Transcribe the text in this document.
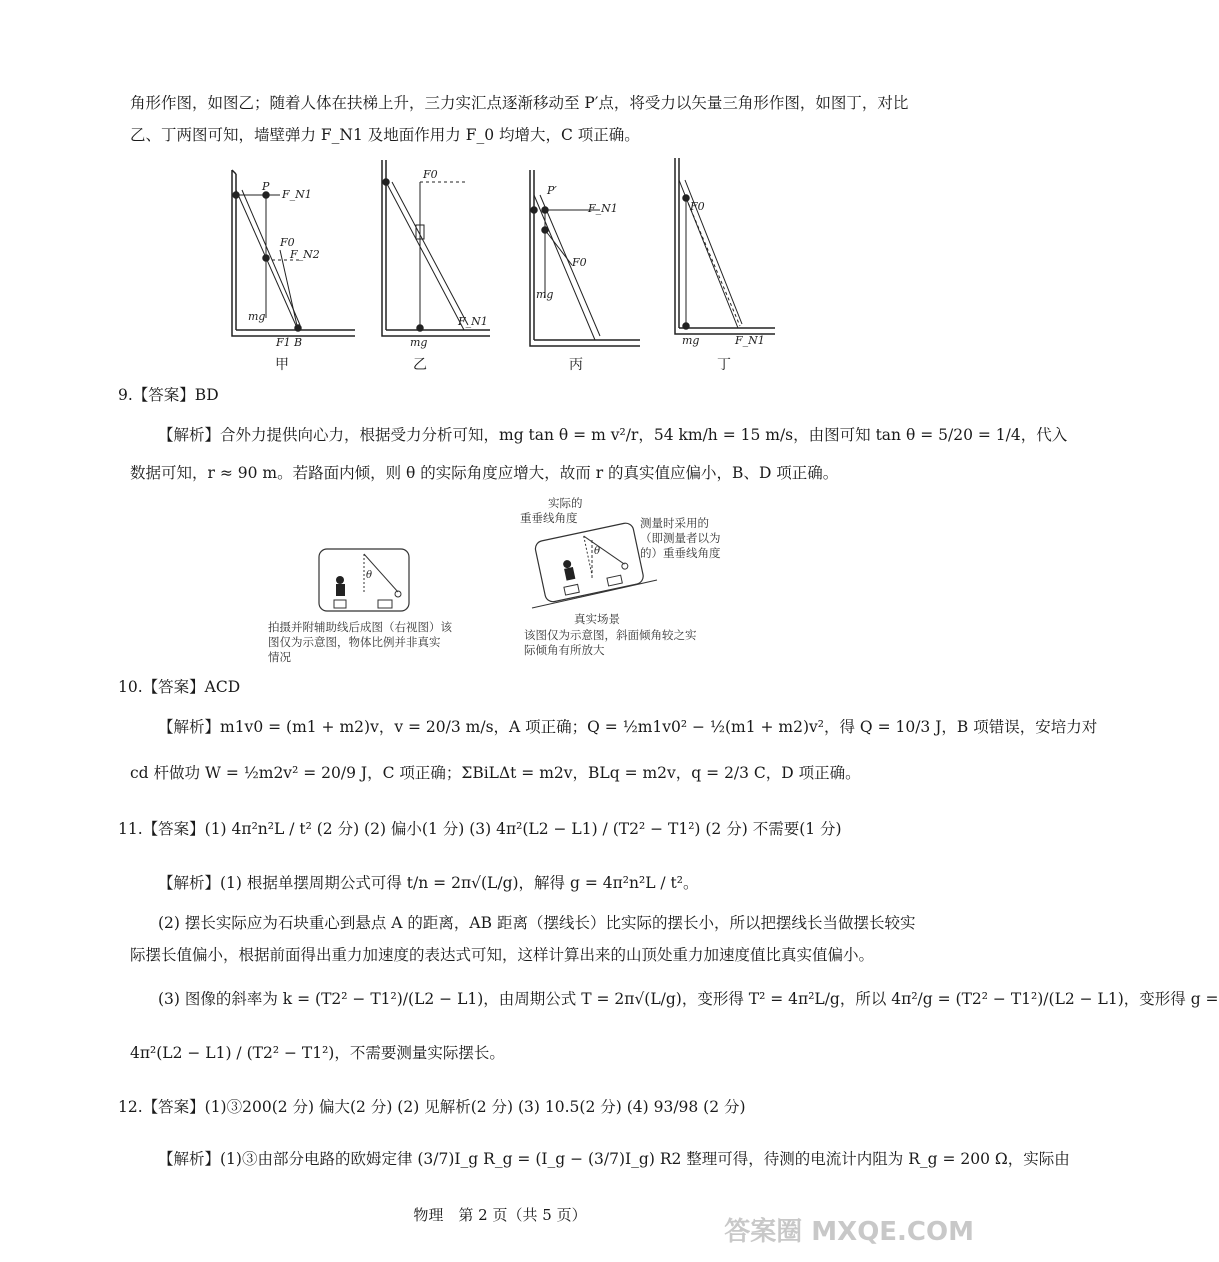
角形作图，如图乙；随着人体在扶梯上升，三力实汇点逐渐移动至 P′点，将受力以矢量三角形作图，如图丁，对比
乙、丁两图可知，墙壁弹力 F_N1 及地面作用力 F_0 均增大，C 项正确。
P
F_N1
F0
F_N2
mg
F1 B
F0
F_N1
mg
P′
F_N1
F0
mg
F0
mg	F_N1
甲	乙	丙	丁
9.【答案】BD
【解析】合外力提供向心力，根据受力分析可知，mg tan θ = m v²/r，54 km/h = 15 m/s，由图可知 tan θ = 5/20 = 1/4，代入
数据可知，r ≈ 90 m。若路面内倾，则 θ 的实际角度应增大，故而 r 的真实值应偏小，B、D 项正确。
θ
拍摄并附辅助线后成图（右视图）该
图仅为示意图，物体比例并非真实
情况
实际的
重垂线角度
θ
测量时采用的
（即测量者以为
的）重垂线角度
真实场景
该图仅为示意图，斜面倾角较之实
际倾角有所放大
10.【答案】ACD
【解析】m1v0 = (m1 + m2)v，v = 20/3 m/s，A 项正确；Q = ½m1v0² − ½(m1 + m2)v²，得 Q = 10/3 J，B 项错误，安培力对
cd 杆做功 W = ½m2v² = 20/9 J，C 项正确；ΣBiLΔt = m2v，BLq = m2v，q = 2/3 C，D 项正确。
11.【答案】(1) 4π²n²L / t² (2 分) (2) 偏小(1 分) (3) 4π²(L2 − L1) / (T2² − T1²) (2 分) 不需要(1 分)
【解析】(1) 根据单摆周期公式可得 t/n = 2π√(L/g)，解得 g = 4π²n²L / t²。
(2) 摆长实际应为石块重心到悬点 A 的距离，AB 距离（摆线长）比实际的摆长小，所以把摆线长当做摆长较实
际摆长值偏小，根据前面得出重力加速度的表达式可知，这样计算出来的山顶处重力加速度值比真实值偏小。
(3) 图像的斜率为 k = (T2² − T1²)/(L2 − L1)，由周期公式 T = 2π√(L/g)，变形得 T² = 4π²L/g，所以 4π²/g = (T2² − T1²)/(L2 − L1)，变形得 g =
4π²(L2 − L1) / (T2² − T1²)，不需要测量实际摆长。
12.【答案】(1)③200(2 分) 偏大(2 分) (2) 见解析(2 分) (3) 10.5(2 分) (4) 93/98 (2 分)
【解析】(1)③由部分电路的欧姆定律 (3/7)I_g R_g = (I_g − (3/7)I_g) R2 整理可得，待测的电流计内阻为 R_g = 200 Ω，实际由
物理　第 2 页（共 5 页）
答案圈 MXQE.COM
